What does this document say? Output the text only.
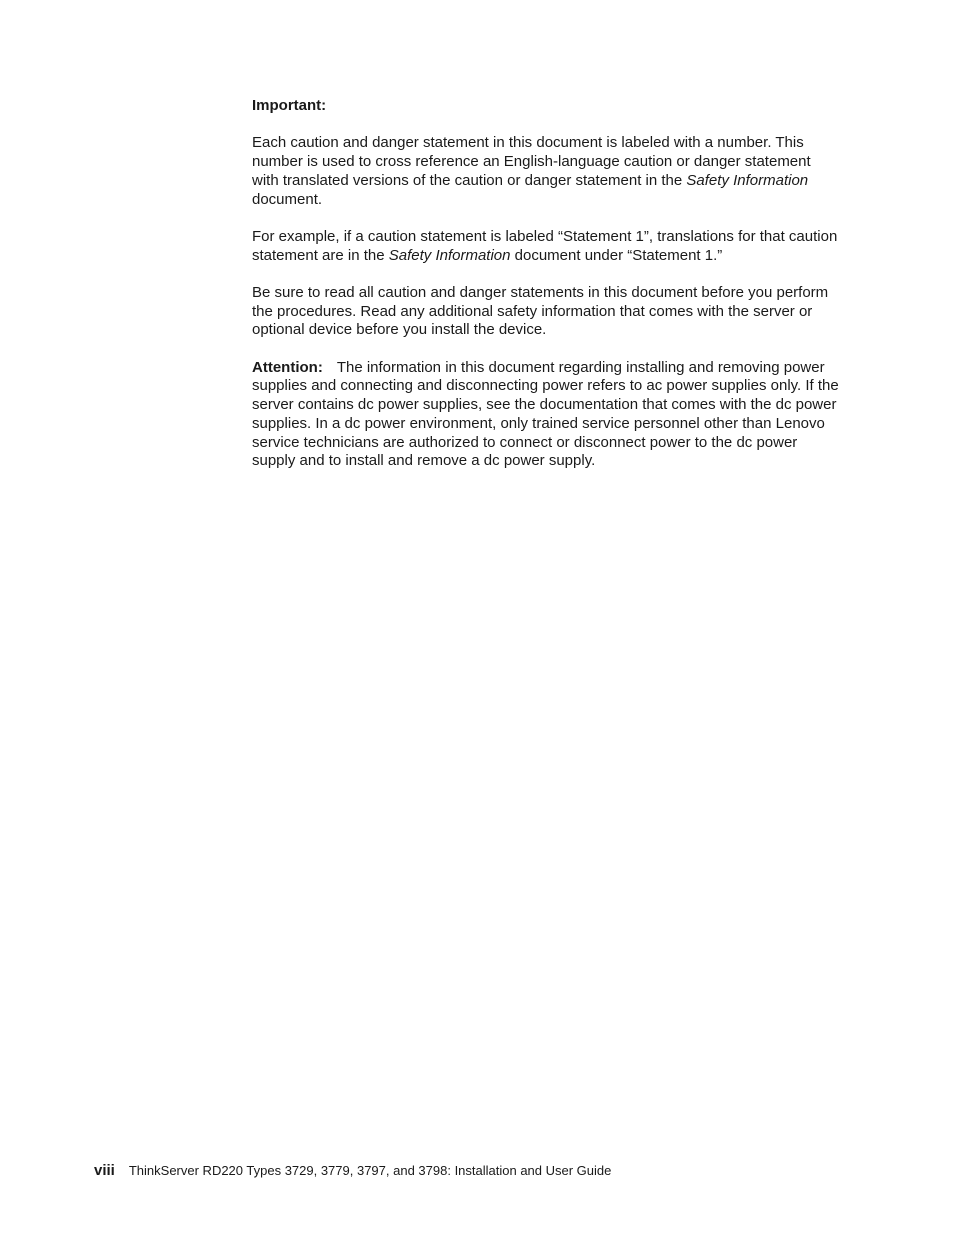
Important:

Each caution and danger statement in this document is labeled with a number. This number is used to cross reference an English-language caution or danger statement with translated versions of the caution or danger statement in the Safety Information document.

For example, if a caution statement is labeled “Statement 1”, translations for that caution statement are in the Safety Information document under “Statement 1.”

Be sure to read all caution and danger statements in this document before you perform the procedures. Read any additional safety information that comes with the server or optional device before you install the device.

Attention: The information in this document regarding installing and removing power supplies and connecting and disconnecting power refers to ac power supplies only. If the server contains dc power supplies, see the documentation that comes with the dc power supplies. In a dc power environment, only trained service personnel other than Lenovo service technicians are authorized to connect or disconnect power to the dc power supply and to install and remove a dc power supply.

viii ThinkServer RD220 Types 3729, 3779, 3797, and 3798: Installation and User Guide
